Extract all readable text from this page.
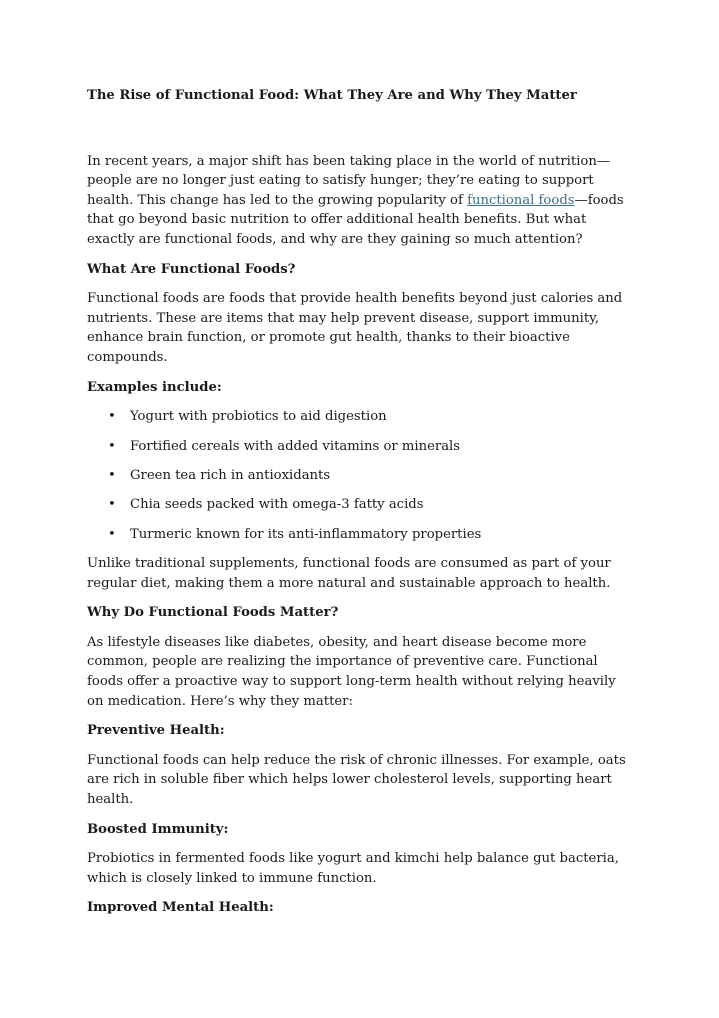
The Rise of Functional Food: What They Are and Why They Matter

In recent years, a major shift has been taking place in the world of nutrition—people are no longer just eating to satisfy hunger; they’re eating to support health. This change has led to the growing popularity of functional foods—foods that go beyond basic nutrition to offer additional health benefits. But what exactly are functional foods, and why are they gaining so much attention?

What Are Functional Foods?

Functional foods are foods that provide health benefits beyond just calories and nutrients. These are items that may help prevent disease, support immunity, enhance brain function, or promote gut health, thanks to their bioactive compounds.

Examples include:
• Yogurt with probiotics to aid digestion
• Fortified cereals with added vitamins or minerals
• Green tea rich in antioxidants
• Chia seeds packed with omega-3 fatty acids
• Turmeric known for its anti-inflammatory properties

Unlike traditional supplements, functional foods are consumed as part of your regular diet, making them a more natural and sustainable approach to health.

Why Do Functional Foods Matter?

As lifestyle diseases like diabetes, obesity, and heart disease become more common, people are realizing the importance of preventive care. Functional foods offer a proactive way to support long-term health without relying heavily on medication. Here’s why they matter:

Preventive Health:

Functional foods can help reduce the risk of chronic illnesses. For example, oats are rich in soluble fiber which helps lower cholesterol levels, supporting heart health.

Boosted Immunity:

Probiotics in fermented foods like yogurt and kimchi help balance gut bacteria, which is closely linked to immune function.

Improved Mental Health:
